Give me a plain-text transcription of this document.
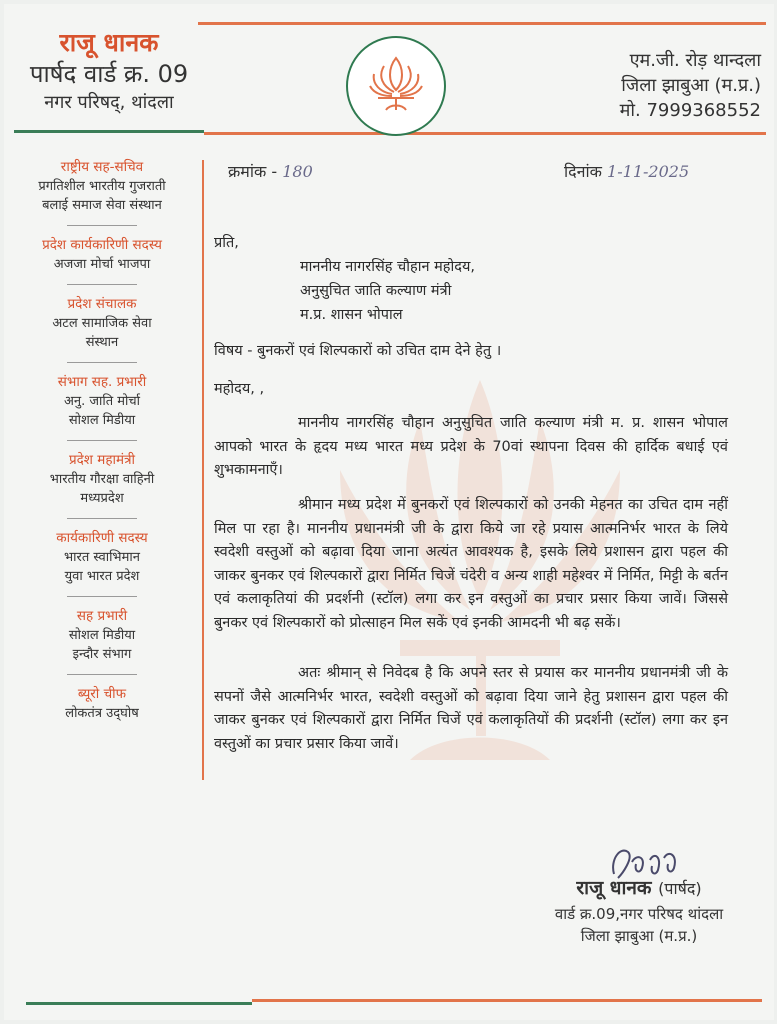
राजू धानक
पार्षद वार्ड क्र. 09
नगर परिषद्, थांदला
एम.जी. रोड़ थान्दला
जिला झाबुआ (म.प्र.)
मो. 7999368552
राष्ट्रीय सह-सचिव
प्रगतिशील भारतीय गुजराती
बलाई समाज सेवा संस्थान
प्रदेश कार्यकारिणी सदस्य
अजजा मोर्चा भाजपा
प्रदेश संचालक
अटल सामाजिक सेवा
संस्थान
संभाग सह. प्रभारी
अनु. जाति मोर्चा
सोशल मिडीया
प्रदेश महामंत्री
भारतीय गौरक्षा वाहिनी
मध्यप्रदेश
कार्यकारिणी सदस्य
भारत स्वाभिमान
युवा भारत प्रदेश
सह प्रभारी
सोशल मिडीया
इन्दौर संभाग
ब्यूरो चीफ
लोकतंत्र उद्‌घोष
क्रमांक - 180	दिनांक 1-11-2025
प्रति,
माननीय नागरसिंह चौहान महोदय,
अनुसुचित जाति कल्याण मंत्री
म.प्र. शासन भोपाल
विषय - बुनकरों एवं शिल्पकारों को उचित दाम देने हेतु ।
महोदय, ,
माननीय नागरसिंह चौहान अनुसुचित जाति कल्याण मंत्री म. प्र. शासन भोपाल आपको भारत के हृदय मध्य भारत मध्य प्रदेश के 70वां स्थापना दिवस की हार्दिक बधाई एवं शुभकामनाएँ।
श्रीमान मध्य प्रदेश में बुनकरों एवं शिल्पकारों को उनकी मेहनत का उचित दाम नहीं मिल पा रहा है। माननीय प्रधानमंत्री जी के द्वारा किये जा रहे प्रयास आत्मनिर्भर भारत के लिये स्वदेशी वस्तुओं को बढ़ावा दिया जाना अत्यंत आवश्यक है, इसके लिये प्रशासन द्वारा पहल की जाकर बुनकर एवं शिल्पकारों द्वारा निर्मित चिजें चंदेरी व अन्य शाही महेश्वर में निर्मित, मिट्टी के बर्तन एवं कलाकृतियां की प्रदर्शनी (स्टॉल) लगा कर इन वस्तुओं का प्रचार प्रसार किया जावें। जिससे बुनकर एवं शिल्पकारों को प्रोत्साहन मिल सकें एवं इनकी आमदनी भी बढ़ सकें।
अतः श्रीमान् से निवेदब है कि अपने स्तर से प्रयास कर माननीय प्रधानमंत्री जी के सपनों जैसे आत्मनिर्भर भारत, स्वदेशी वस्तुओं को बढ़ावा दिया जाने हेतु प्रशासन द्वारा पहल की जाकर बुनकर एवं शिल्पकारों द्वारा निर्मित चिजें एवं कलाकृतियों की प्रदर्शनी (स्टॉल) लगा कर इन वस्तुओं का प्रचार प्रसार किया जावें।
राजू धानक (पार्षद)
वार्ड क्र.09,नगर परिषद थांदला
जिला झाबुआ (म.प्र.)
